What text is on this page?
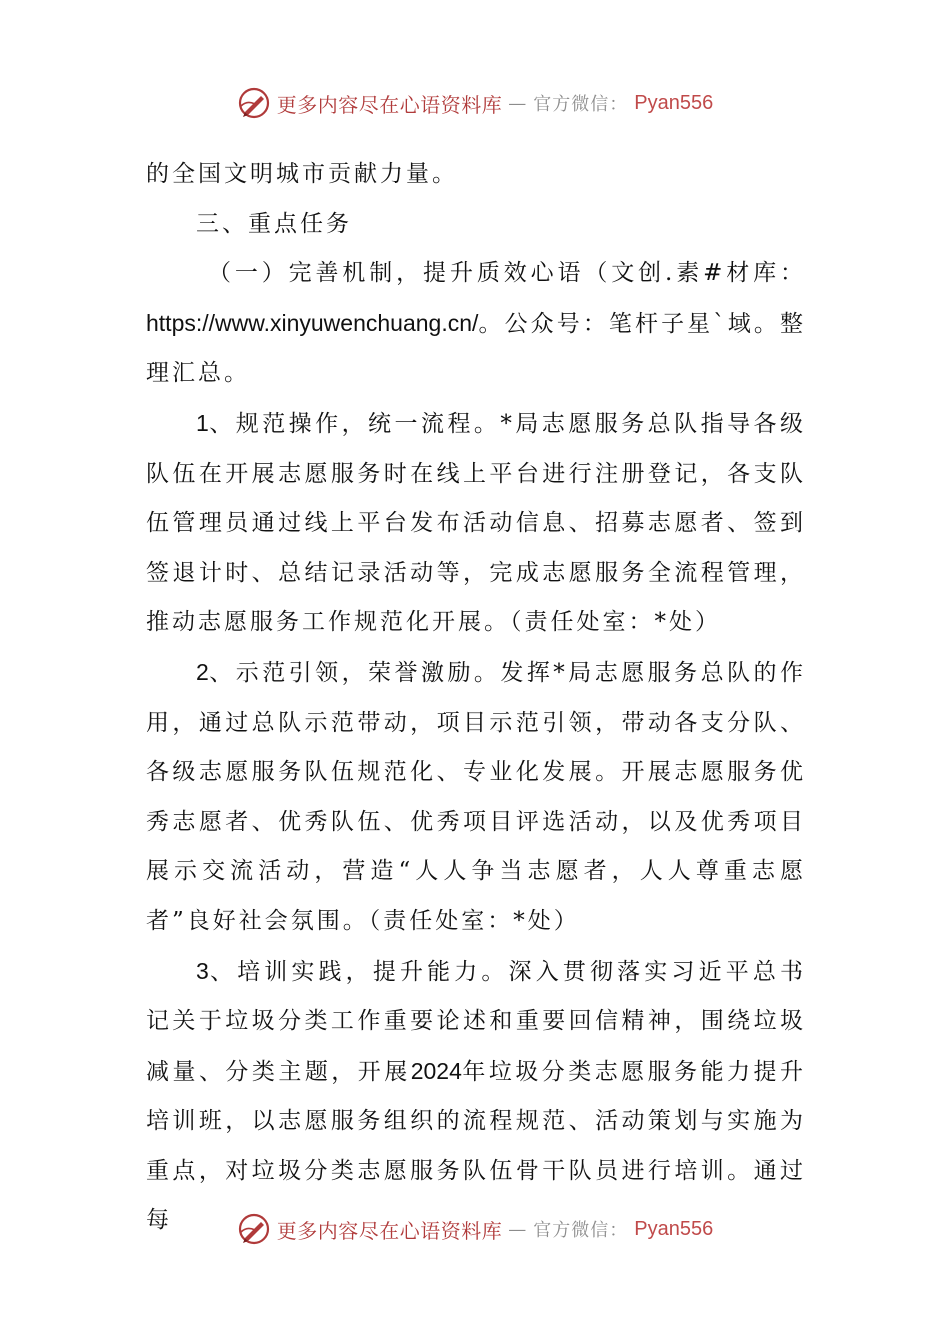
更多内容尽在心语资料库 — 官方微信： Pyan556

的全国文明城市贡献力量。

三、重点任务

（一）完善机制，提升质效心语（文创.素#材库：https://www.xinyuwenchuang.cn/。公众号：笔杆子星`域。整理汇总。

1、规范操作，统一流程。*局志愿服务总队指导各级队伍在开展志愿服务时在线上平台进行注册登记，各支队伍管理员通过线上平台发布活动信息、招募志愿者、签到签退计时、总结记录活动等，完成志愿服务全流程管理，推动志愿服务工作规范化开展。（责任处室：*处）

2、示范引领，荣誉激励。发挥*局志愿服务总队的作用，通过总队示范带动，项目示范引领，带动各支分队、各级志愿服务队伍规范化、专业化发展。开展志愿服务优秀志愿者、优秀队伍、优秀项目评选活动，以及优秀项目展示交流活动，营造“人人争当志愿者，人人尊重志愿者”良好社会氛围。（责任处室：*处）

3、培训实践，提升能力。深入贯彻落实习近平总书记关于垃圾分类工作重要论述和重要回信精神，围绕垃圾减量、分类主题，开展2024年垃圾分类志愿服务能力提升培训班，以志愿服务组织的流程规范、活动策划与实施为重点，对垃圾分类志愿服务队伍骨干队员进行培训。通过每	更多内容尽在心语资料库 — 官方微信： Pyan556
